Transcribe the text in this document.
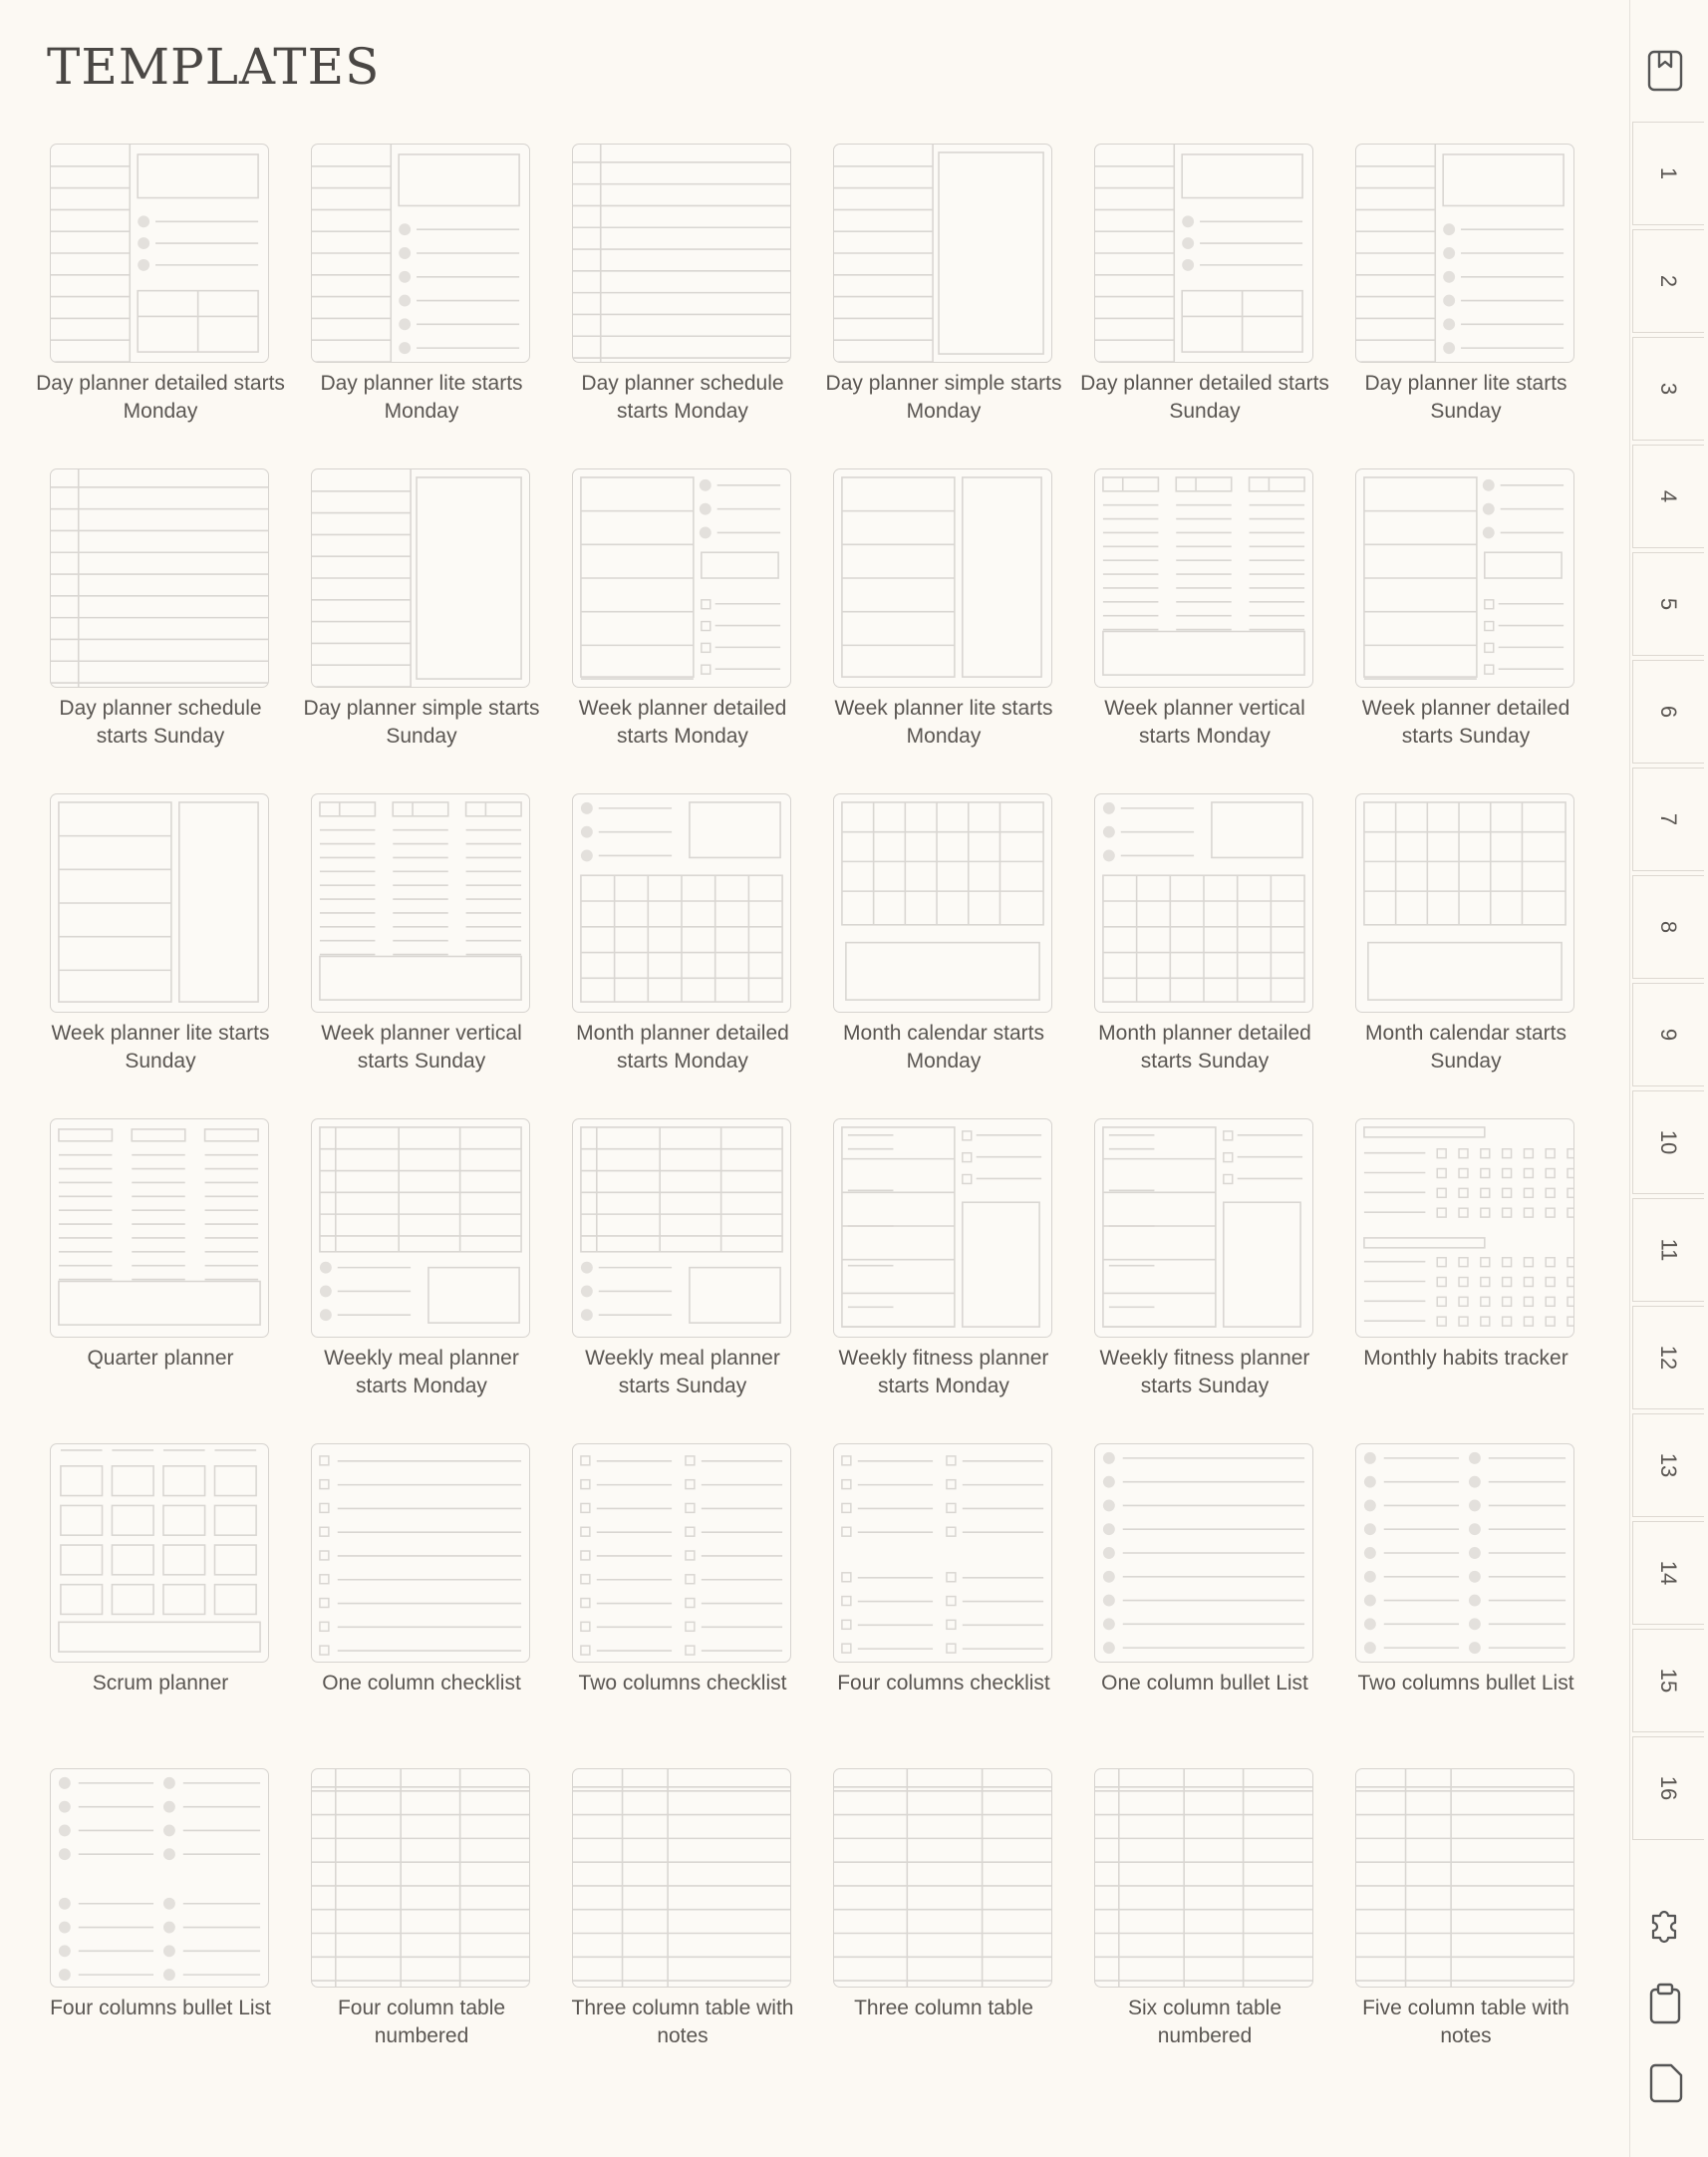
TEMPLATES
Day planner detailed starts Monday
Day planner lite starts Monday
Day planner schedule starts Monday
Day planner simple starts Monday
Day planner detailed starts Sunday
Day planner lite starts Sunday
Day planner schedule starts Sunday
Day planner simple starts Sunday
Week planner detailed starts Monday
Week planner lite starts Monday
Week planner vertical starts Monday
Week planner detailed starts Sunday
Week planner lite starts Sunday
Week planner vertical starts Sunday
Month planner detailed starts Monday
Month calendar starts Monday
Month planner detailed starts Sunday
Month calendar starts Sunday
Quarter planner	Weekly meal planner starts Monday
Weekly meal planner starts Sunday
Weekly fitness planner starts Monday
Weekly fitness planner starts Sunday
Monthly habits tracker
Scrum planner	One column checklist	Two columns checklist	Four columns checklist	One column bullet List	Two columns bullet List
Four columns bullet List	Four column table numbered
Three column table with notes
Three column table	Six column table numbered
Five column table with notes
1
2
3
4
5
6
7
8
9
10
11
12
13
14
15
16
